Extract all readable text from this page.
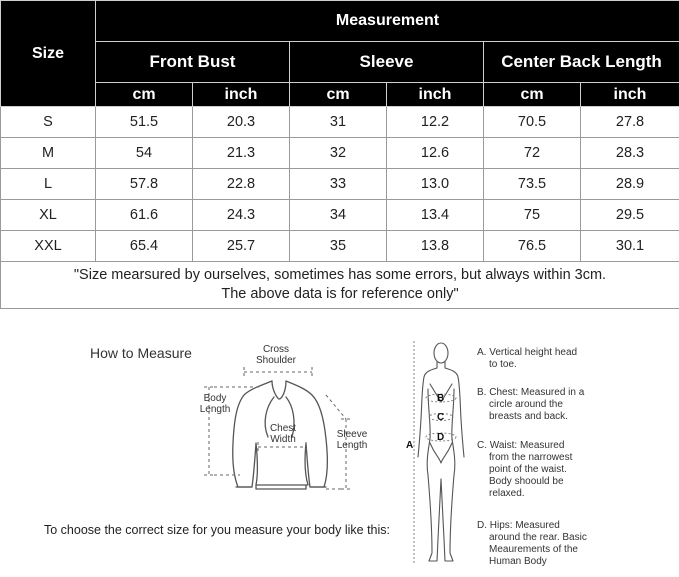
Size	Measurement					
	Front Bust		Sleeve		Center Back Length	
	cm	inch	cm	inch	cm	inch
S	51.5	20.3	31	12.2	70.5	27.8
M	54	21.3	32	12.6	72	28.3
L	57.8	22.8	33	13.0	73.5	28.9
XL	61.6	24.3	34	13.4	75	29.5
XXL	65.4	25.7	35	13.8	76.5	30.1
"Size mearsured by ourselves, sometimes has some errors, but always within 3cm.
The above data is for reference only"						
How to Measure	Cross
Shoulder
Body
Length
Chest
Width	Sleeve
Length
To choose the correct size for you measure your body like this:
A
B
C
D
A. Vertical height head
to toe.
B. Chest: Measured in a
circle around the breasts and back.
C. Waist: Measured
from the narrowest point of the waist. Body shoould be relaxed.
D. Hips: Measured
around the rear. Basic Meaurements of the Human Body
